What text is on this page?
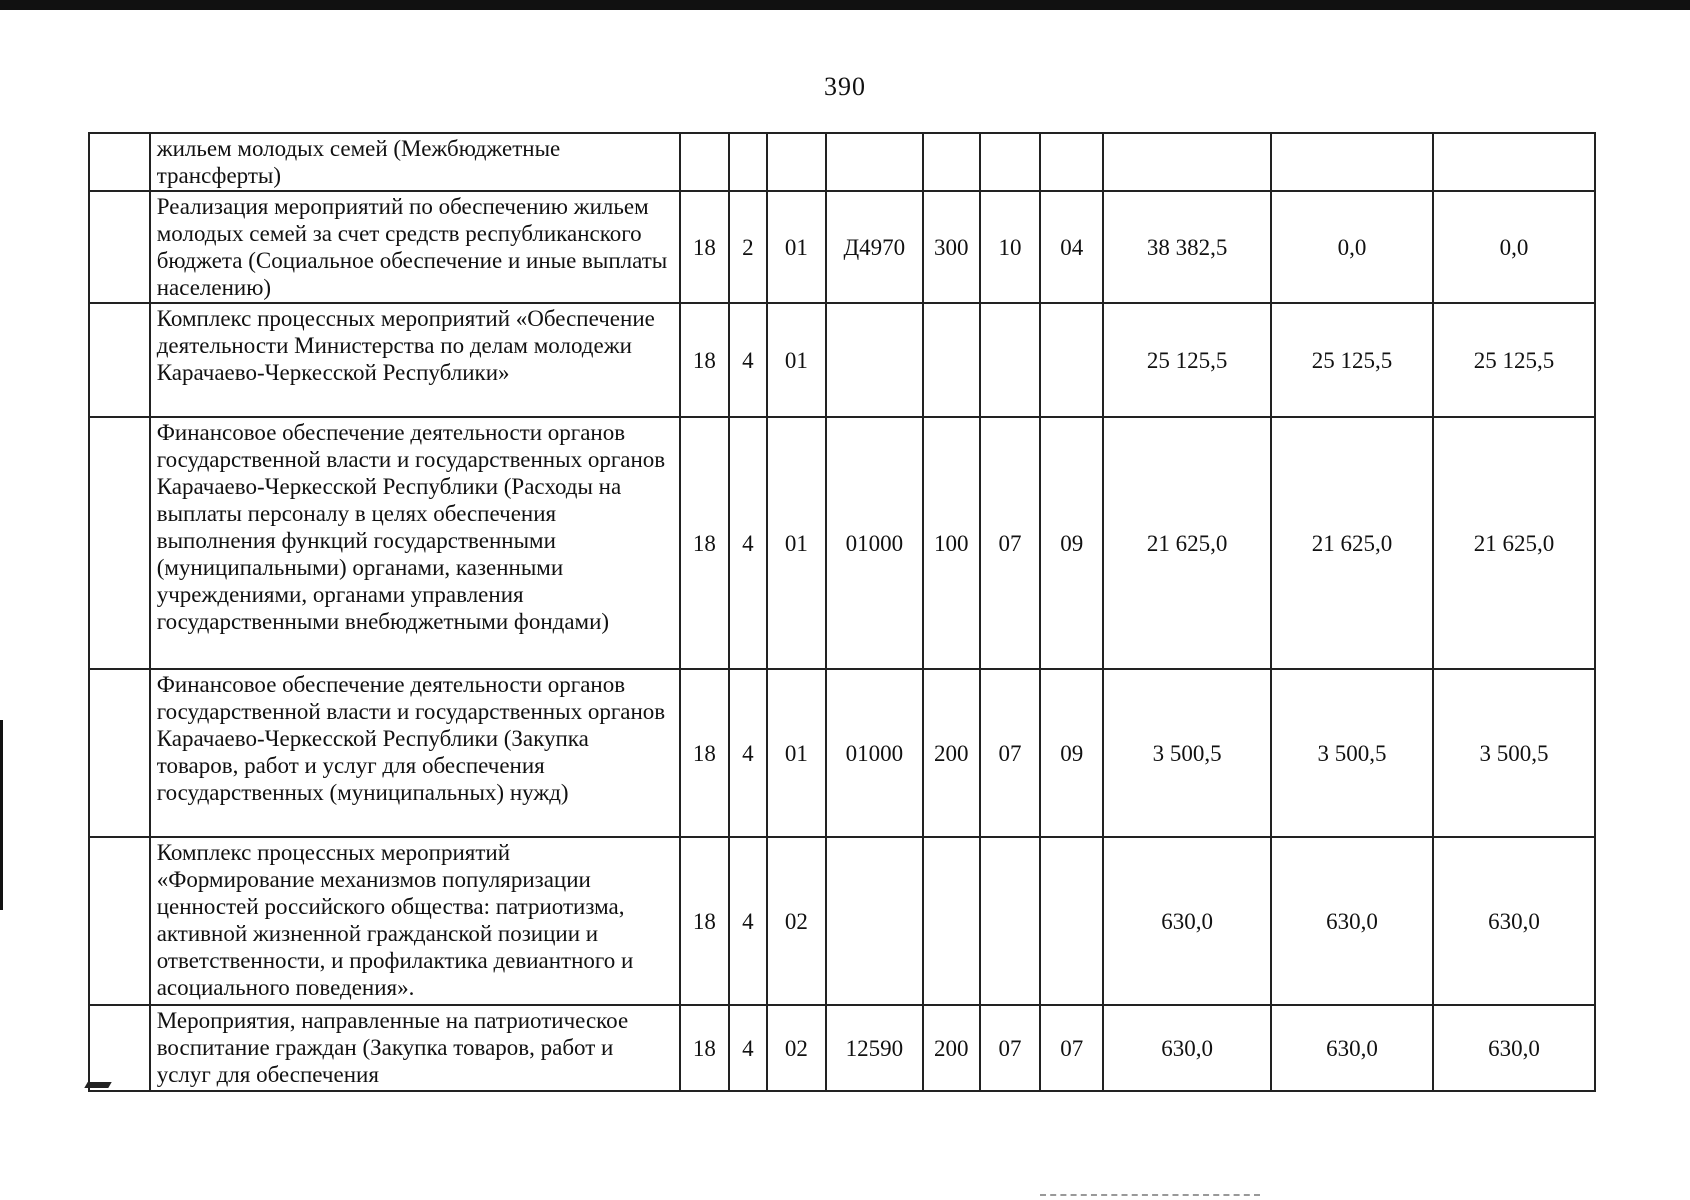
390
	жильем молодых семей (Межбюджетные трансферты)										
	Реализация мероприятий по обеспечению жильем молодых семей за счет средств республиканского бюджета (Социальное обеспечение и иные выплаты населению)	18	2	01	Д4970	300	10	04	38 382,5	0,0	0,0
	Комплекс процессных мероприятий «Обеспечение деятельности Министерства по делам молодежи Карачаево-Черкесской Республики»	18	4	01					25 125,5	25 125,5	25 125,5
	Финансовое обеспечение деятельности органов государственной власти и государственных органов Карачаево-Черкесской Республики (Расходы на выплаты персоналу в целях обеспечения выполнения функций государственными (муниципальными) органами, казенными учреждениями, органами управления государственными внебюджетными фондами)	18	4	01	01000	100	07	09	21 625,0	21 625,0	21 625,0
	Финансовое обеспечение деятельности органов государственной власти и государственных органов Карачаево-Черкесской Республики (Закупка товаров, работ и услуг для обеспечения государственных (муниципальных) нужд)	18	4	01	01000	200	07	09	3 500,5	3 500,5	3 500,5
	Комплекс процессных мероприятий «Формирование механизмов популяризации ценностей российского общества: патриотизма, активной жизненной гражданской позиции и ответственности, и профилактика девиантного и асоциального поведения».	18	4	02					630,0	630,0	630,0
	Мероприятия, направленные на патриотическое воспитание граждан (Закупка товаров, работ и услуг для обеспечения	18	4	02	12590	200	07	07	630,0	630,0	630,0
